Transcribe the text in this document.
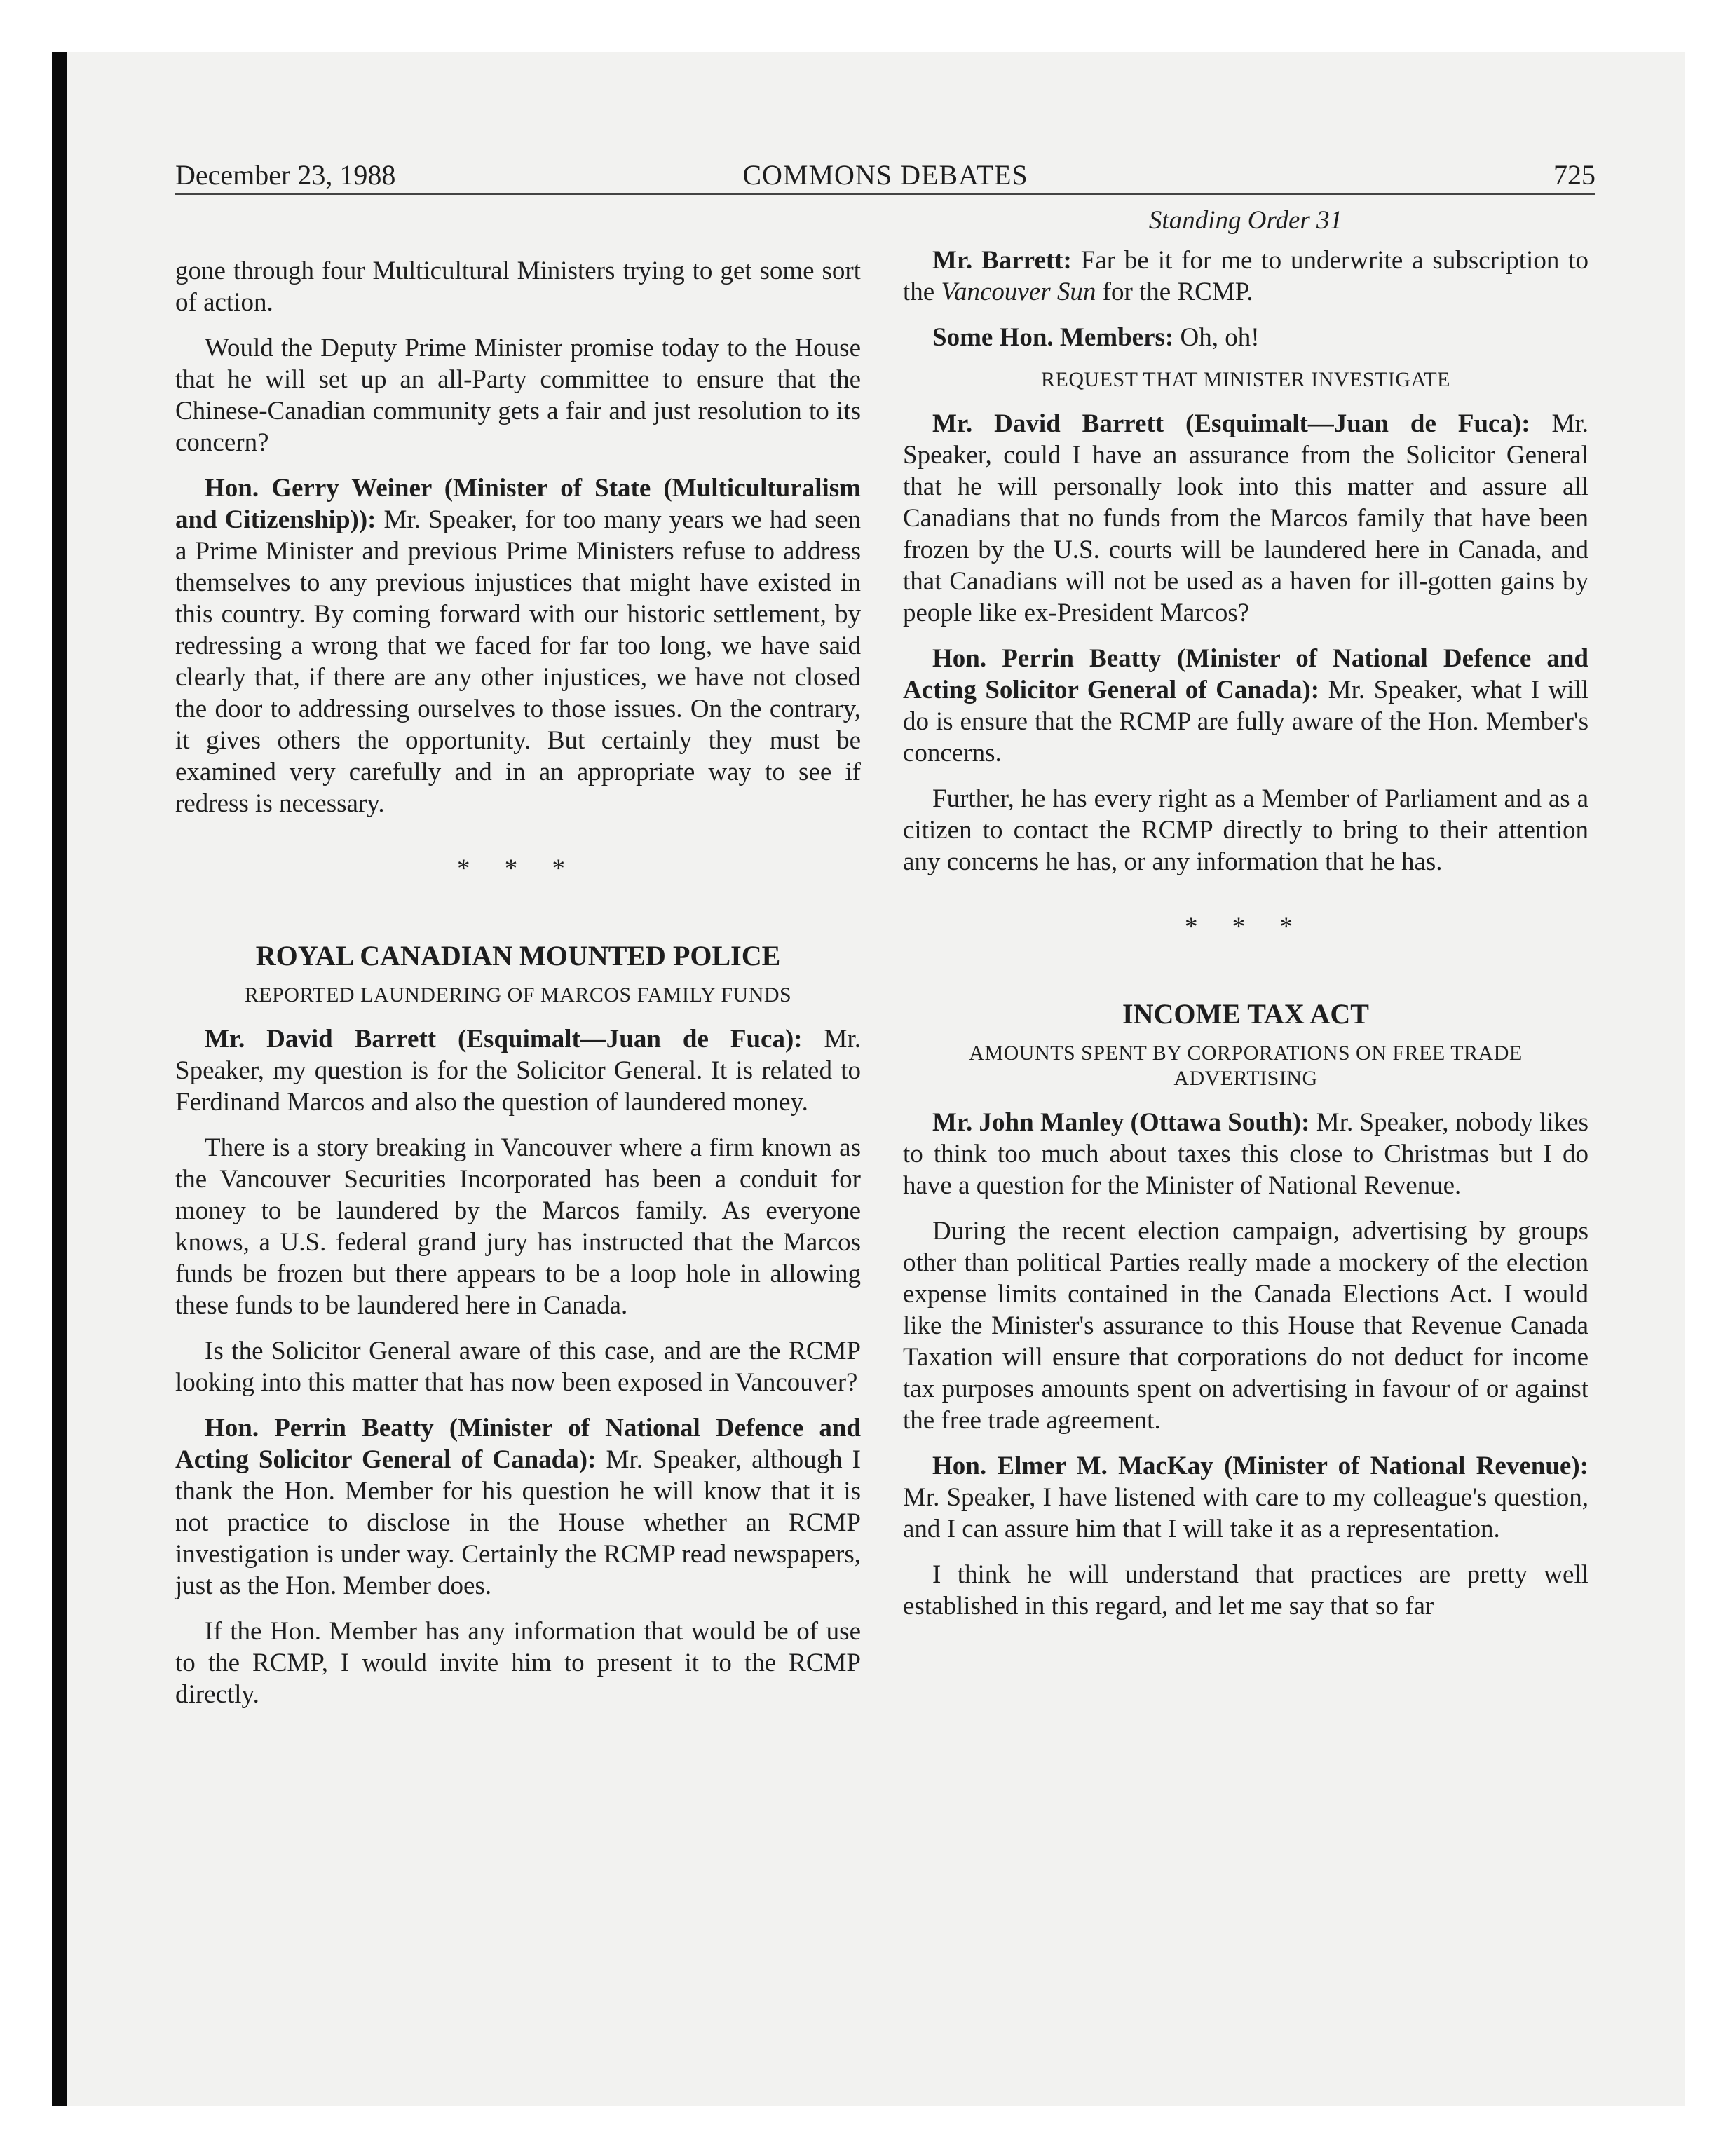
December 23, 1988	COMMONS DEBATES	725

gone through four Multicultural Ministers trying to get some sort of action.

Would the Deputy Prime Minister promise today to the House that he will set up an all-Party committee to ensure that the Chinese-Canadian community gets a fair and just resolution to its concern?

Hon. Gerry Weiner (Minister of State (Multiculturalism and Citizenship)): Mr. Speaker, for too many years we had seen a Prime Minister and previous Prime Ministers refuse to address themselves to any previous injustices that might have existed in this country. By coming forward with our historic settlement, by redressing a wrong that we faced for far too long, we have said clearly that, if there are any other injustices, we have not closed the door to addressing ourselves to those issues. On the contrary, it gives others the opportunity. But certainly they must be examined very carefully and in an appropriate way to see if redress is necessary.

* * *
ROYAL CANADIAN MOUNTED POLICE
REPORTED LAUNDERING OF MARCOS FAMILY FUNDS

Mr. David Barrett (Esquimalt—Juan de Fuca): Mr. Speaker, my question is for the Solicitor General. It is related to Ferdinand Marcos and also the question of laundered money.

There is a story breaking in Vancouver where a firm known as the Vancouver Securities Incorporated has been a conduit for money to be laundered by the Marcos family. As everyone knows, a U.S. federal grand jury has instructed that the Marcos funds be frozen but there appears to be a loop hole in allowing these funds to be laundered here in Canada.

Is the Solicitor General aware of this case, and are the RCMP looking into this matter that has now been exposed in Vancouver?

Hon. Perrin Beatty (Minister of National Defence and Acting Solicitor General of Canada): Mr. Speaker, although I thank the Hon. Member for his question he will know that it is not practice to disclose in the House whether an RCMP investigation is under way. Certainly the RCMP read newspapers, just as the Hon. Member does.

If the Hon. Member has any information that would be of use to the RCMP, I would invite him to present it to the RCMP directly.

Standing Order 31

Mr. Barrett: Far be it for me to underwrite a subscription to the Vancouver Sun for the RCMP.

Some Hon. Members: Oh, oh!

REQUEST THAT MINISTER INVESTIGATE

Mr. David Barrett (Esquimalt—Juan de Fuca): Mr. Speaker, could I have an assurance from the Solicitor General that he will personally look into this matter and assure all Canadians that no funds from the Marcos family that have been frozen by the U.S. courts will be laundered here in Canada, and that Canadians will not be used as a haven for ill-gotten gains by people like ex-President Marcos?

Hon. Perrin Beatty (Minister of National Defence and Acting Solicitor General of Canada): Mr. Speaker, what I will do is ensure that the RCMP are fully aware of the Hon. Member's concerns.

Further, he has every right as a Member of Parliament and as a citizen to contact the RCMP directly to bring to their attention any concerns he has, or any information that he has.

* * *
INCOME TAX ACT
AMOUNTS SPENT BY CORPORATIONS ON FREE TRADE ADVERTISING

Mr. John Manley (Ottawa South): Mr. Speaker, nobody likes to think too much about taxes this close to Christmas but I do have a question for the Minister of National Revenue.

During the recent election campaign, advertising by groups other than political Parties really made a mockery of the election expense limits contained in the Canada Elections Act. I would like the Minister's assurance to this House that Revenue Canada Taxation will ensure that corporations do not deduct for income tax purposes amounts spent on advertising in favour of or against the free trade agreement.

Hon. Elmer M. MacKay (Minister of National Revenue): Mr. Speaker, I have listened with care to my colleague's question, and I can assure him that I will take it as a representation.

I think he will understand that practices are pretty well established in this regard, and let me say that so far
